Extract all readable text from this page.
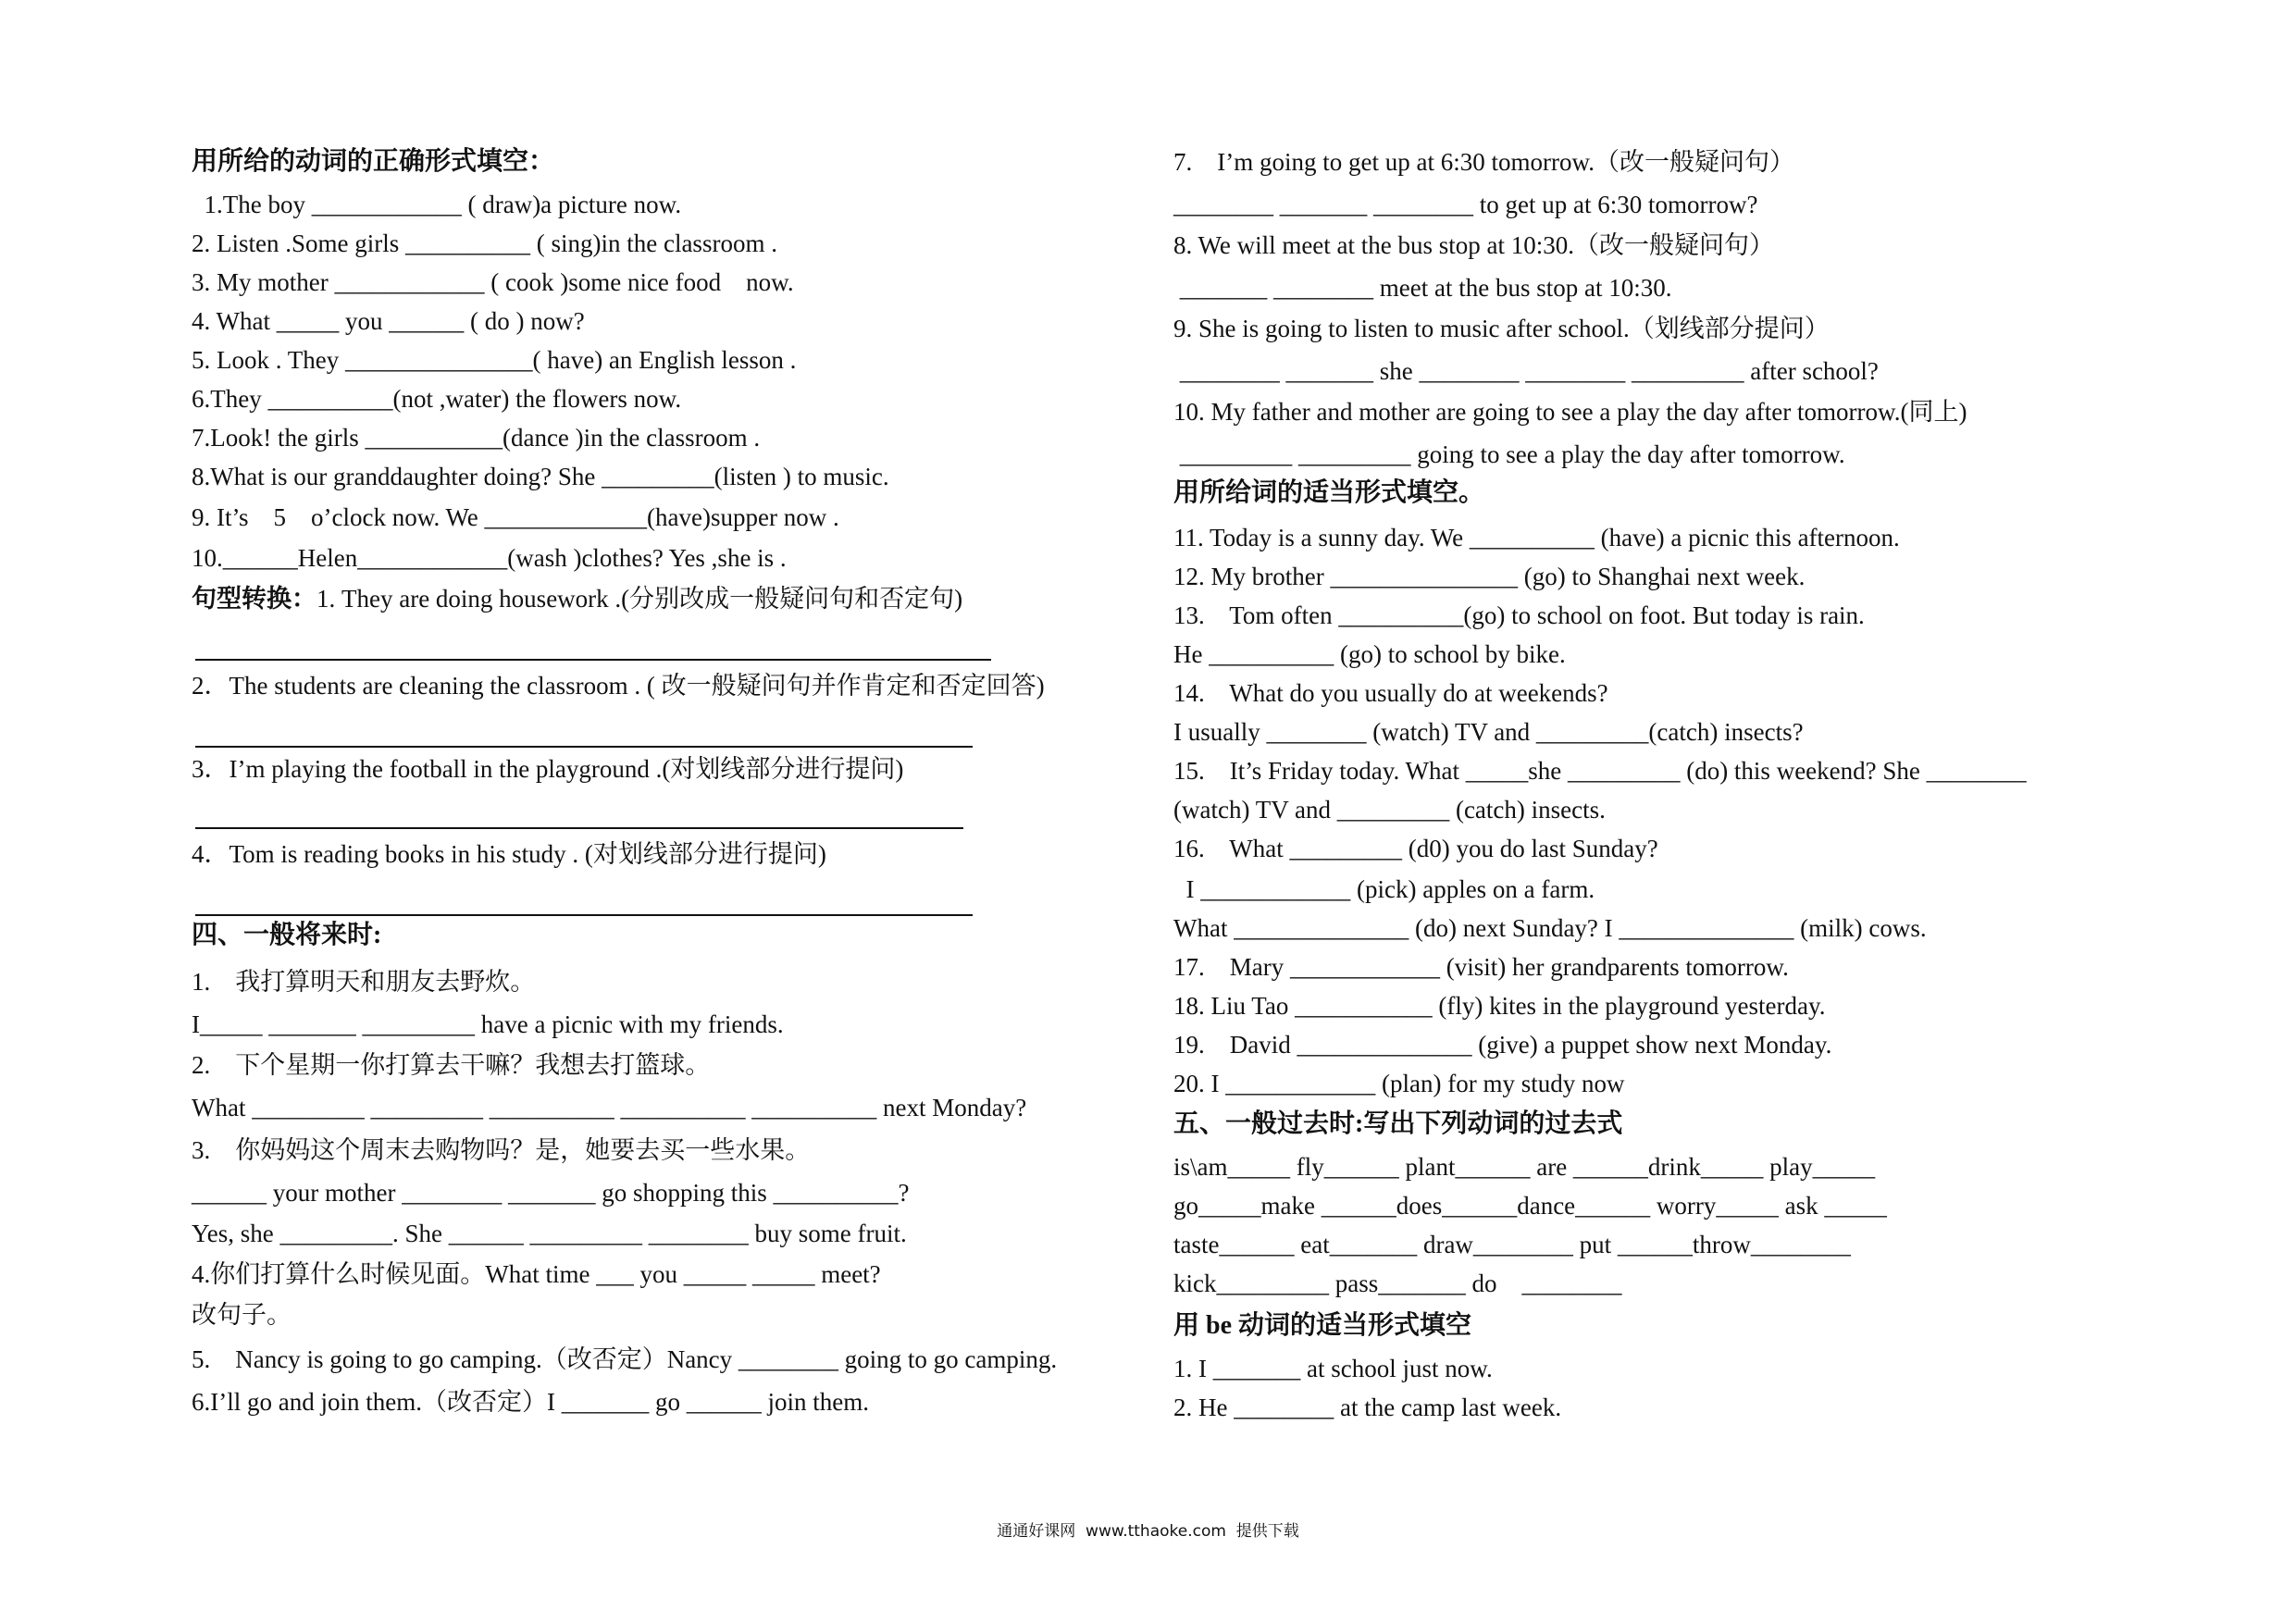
用所给的动词的正确形式填空：
1.The boy ____________ ( draw)a picture now.
2. Listen .Some girls __________ ( sing)in the classroom .
3. My mother ____________ ( cook )some nice food    now.
4. What _____ you ______ ( do ) now?
5. Look . They _______________( have) an English lesson .
6.They __________(not ,water) the flowers now.
7.Look! the girls ___________(dance )in the classroom .
8.What is our granddaughter doing? She _________(listen ) to music.
9. It’s    5    o’clock now. We _____________(have)supper now .
10.______Helen____________(wash )clothes? Yes ,she is .
句型转换：1. They are doing housework .(分别改成一般疑问句和否定句)
2．The students are cleaning the classroom . ( 改一般疑问句并作肯定和否定回答)
3．I’m playing the football in the playground .(对划线部分进行提问)
4．Tom is reading books in his study . (对划线部分进行提问)
四、一般将来时:
1.    我打算明天和朋友去野炊。
I_____ _______ _________ have a picnic with my friends.
2.    下个星期一你打算去干嘛？我想去打篮球。
What _________ _________ __________ __________ __________ next Monday?
3.    你妈妈这个周末去购物吗？是，她要去买一些水果。
______ your mother ________ _______ go shopping this __________?
Yes, she _________. She ______ _________ ________ buy some fruit.
4.你们打算什么时候见面。What time ___ you _____ _____ meet?
改句子。
5.    Nancy is going to go camping.（改否定）Nancy ________ going to go camping.
6.I’ll go and join them.（改否定）I _______ go ______ join them.
7.    I’m going to get up at 6:30 tomorrow.（改一般疑问句）
________ _______ ________ to get up at 6:30 tomorrow?
8. We will meet at the bus stop at 10:30.（改一般疑问句）
_______ ________ meet at the bus stop at 10:30.
9. She is going to listen to music after school.（划线部分提问）
________ _______ she ________ ________ _________ after school?
10. My father and mother are going to see a play the day after tomorrow.(同上)
_________ _________ going to see a play the day after tomorrow.
用所给词的适当形式填空。
11. Today is a sunny day. We __________ (have) a picnic this afternoon.
12. My brother _______________ (go) to Shanghai next week.
13.    Tom often __________(go) to school on foot. But today is rain.
He __________ (go) to school by bike.
14.    What do you usually do at weekends?
I usually ________ (watch) TV and _________(catch) insects?
15.    It’s Friday today. What _____she _________ (do) this weekend? She ________
(watch) TV and _________ (catch) insects.
16.    What _________ (d0) you do last Sunday?
I ____________ (pick) apples on a farm.
What ______________ (do) next Sunday? I ______________ (milk) cows.
17.    Mary ____________ (visit) her grandparents tomorrow.
18. Liu Tao ___________ (fly) kites in the playground yesterday.
19.    David ______________ (give) a puppet show next Monday.
20. I ____________ (plan) for my study now
五、一般过去时:写出下列动词的过去式
is\am_____ fly______ plant______ are ______drink_____ play_____
go_____make ______does______dance______ worry_____ ask _____
taste______ eat_______ draw________ put ______throw________
kick_________ pass_______ do    ________
用 be 动词的适当形式填空
1. I _______ at school just now.
2. He ________ at the camp last week.
通通好课网  www.tthaoke.com  提供下载
